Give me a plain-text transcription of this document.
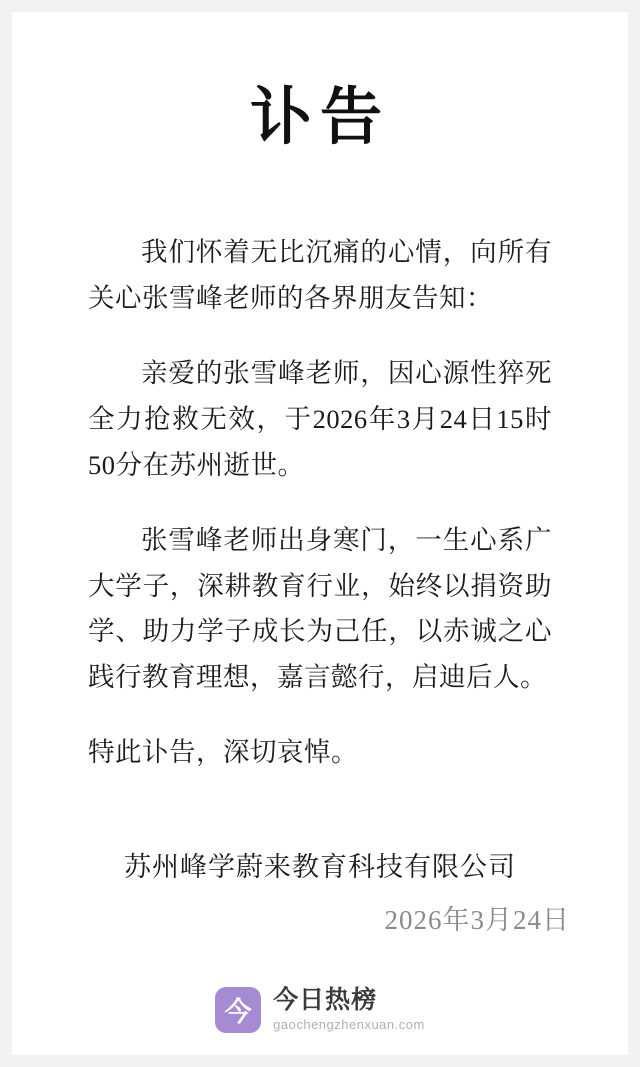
讣告

我们怀着无比沉痛的心情，向所有关心张雪峰老师的各界朋友告知：

亲爱的张雪峰老师，因心源性猝死全力抢救无效，于2026年3月24日15时50分在苏州逝世。

张雪峰老师出身寒门，一生心系广大学子，深耕教育行业，始终以捐资助学、助力学子成长为己任，以赤诚之心践行教育理想，嘉言懿行，启迪后人。

特此讣告，深切哀悼。

苏州峰学蔚来教育科技有限公司
2026年3月24日
今 今日热榜
gaochengzhenxuan.com
